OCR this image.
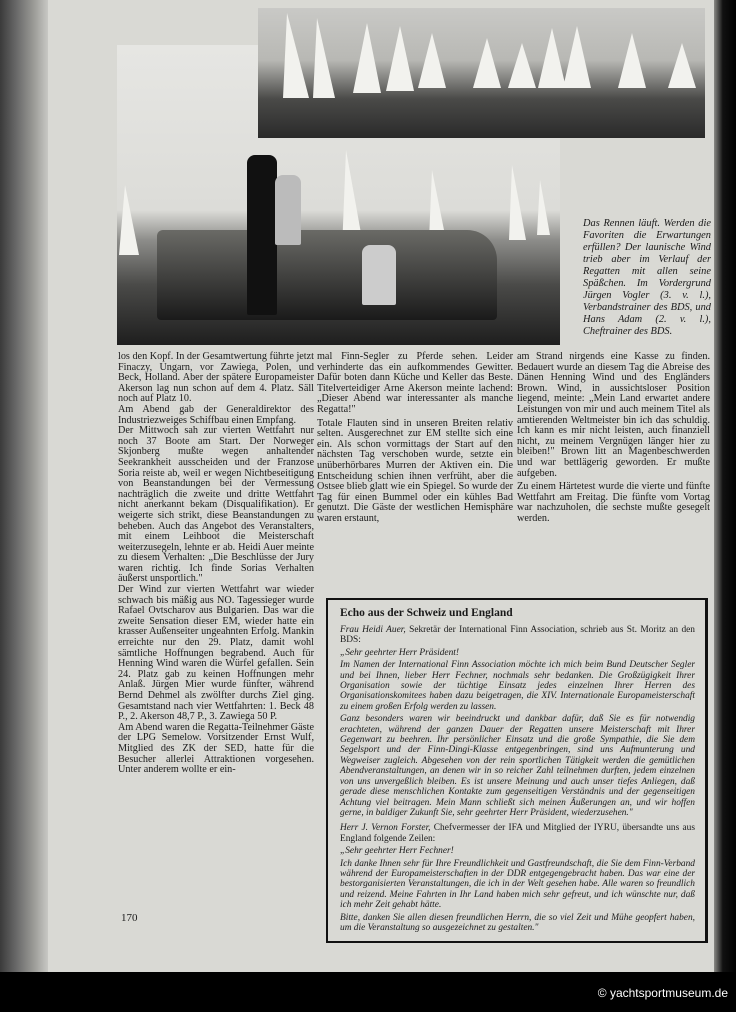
Das Rennen läuft. Werden die Favoriten die Erwartungen erfüllen? Der launische Wind trieb aber im Verlauf der Regatten mit allen seine Späßchen. Im Vordergrund Jürgen Vogler (3. v. l.), Verbandstrainer des BDS, und Hans Adam (2. v. l.), Cheftrainer des BDS.

los den Kopf. In der Gesamtwertung führte jetzt Finaczy, Ungarn, vor Zawiega, Polen, und Beck, Holland. Aber der spätere Europameister Akerson lag nun schon auf dem 4. Platz. Säll noch auf Platz 10.

Am Abend gab der Generaldirektor des Industriezweiges Schiffbau einen Empfang.

Der Mittwoch sah zur vierten Wettfahrt nur noch 37 Boote am Start. Der Norweger Skjonberg mußte wegen anhaltender Seekrankheit ausscheiden und der Franzose Soria reiste ab, weil er wegen Nichtbeseitigung von Beanstandungen bei der Vermessung nachträglich die zweite und dritte Wettfahrt nicht anerkannt bekam (Disqualifikation). Er weigerte sich strikt, diese Beanstandungen zu beheben. Auch das Angebot des Veranstalters, mit einem Leihboot die Meisterschaft weiterzusegeln, lehnte er ab. Heidi Auer meinte zu diesem Verhalten: „Die Beschlüsse der Jury waren richtig. Ich finde Sorias Verhalten äußerst unsportlich."

Der Wind zur vierten Wettfahrt war wieder schwach bis mäßig aus NO. Tagessieger wurde Rafael Ovtscharov aus Bulgarien. Das war die zweite Sensation dieser EM, wieder hatte ein krasser Außenseiter ungeahnten Erfolg. Mankin erreichte nur den 29. Platz, damit wohl sämtliche Hoffnungen begrabend. Auch für Henning Wind waren die Würfel gefallen. Sein 24. Platz gab zu keinen Hoffnungen mehr Anlaß. Jürgen Mier wurde fünfter, während Bernd Dehmel als zwölfter durchs Ziel ging. Gesamtstand nach vier Wettfahrten: 1. Beck 48 P., 2. Akerson 48,7 P., 3. Zawiega 50 P.

Am Abend waren die Regatta-Teilnehmer Gäste der LPG Semelow. Vorsitzender Ernst Wulf, Mitglied des ZK der SED, hatte für die Besucher allerlei Attraktionen vorgesehen. Unter anderem wollte er ein-

mal Finn-Segler zu Pferde sehen. Leider verhinderte das ein aufkommendes Gewitter. Dafür boten dann Küche und Keller das Beste. Titelverteidiger Arne Akerson meinte lachend: „Dieser Abend war interessanter als manche Regatta!"

Totale Flauten sind in unseren Breiten relativ selten. Ausgerechnet zur EM stellte sich eine ein. Als schon vormittags der Start auf den nächsten Tag verschoben wurde, setzte ein unüberhörbares Murren der Aktiven ein. Die Entscheidung schien ihnen verfrüht, aber die Ostsee blieb glatt wie ein Spiegel. So wurde der Tag für einen Bummel oder ein kühles Bad genutzt. Die Gäste der westlichen Hemisphäre waren erstaunt,

am Strand nirgends eine Kasse zu finden. Bedauert wurde an diesem Tag die Abreise des Dänen Henning Wind und des Engländers Brown. Wind, in aussichtsloser Position liegend, meinte: „Mein Land erwartet andere Leistungen von mir und auch meinem Titel als amtierenden Weltmeister bin ich das schuldig. Ich kann es mir nicht leisten, auch finanziell nicht, zu meinem Vergnügen länger hier zu bleiben!" Brown litt an Magenbeschwerden und war bettlägerig geworden. Er mußte aufgeben.

Zu einem Härtetest wurde die vierte und fünfte Wettfahrt am Freitag. Die fünfte vom Vortag war nachzuholen, die sechste mußte gesegelt werden.

Echo aus der Schweiz und England

Frau Heidi Auer, Sekretär der International Finn Association, schrieb aus St. Moritz an den BDS:

„Sehr geehrter Herr Präsident!

Im Namen der International Finn Association möchte ich mich beim Bund Deutscher Segler und bei Ihnen, lieber Herr Fechner, nochmals sehr bedanken. Die Großzügigkeit Ihrer Organisation sowie der tüchtige Einsatz jedes einzelnen Ihrer Herren des Organisationskomitees haben dazu beigetragen, die XIV. Internationale Europameisterschaft zu einem großen Erfolg werden zu lassen.

Ganz besonders waren wir beeindruckt und dankbar dafür, daß Sie es für notwendig erachteten, während der ganzen Dauer der Regatten unsere Meisterschaft mit Ihrer Gegenwart zu beehren. Ihr persönlicher Einsatz und die große Sympathie, die Sie dem Segelsport und der Finn-Dingi-Klasse entgegenbringen, sind uns Aufmunterung und Wegweiser zugleich. Abgesehen von der rein sportlichen Tätigkeit werden die gemütlichen Abendveranstaltungen, an denen wir in so reicher Zahl teilnehmen durften, jedem einzelnen von uns unvergeßlich bleiben. Es ist unsere Meinung und auch unser tiefes Anliegen, daß gerade diese menschlichen Kontakte zum gegenseitigen Verständnis und der gegenseitigen Achtung viel beitragen. Mein Mann schließt sich meinen Äußerungen an, und wir hoffen gerne, in baldiger Zukunft Sie, sehr geehrter Herr Präsident, wiederzusehen."

Herr J. Vernon Forster, Chefvermesser der IFA und Mitglied der IYRU, übersandte uns aus England folgende Zeilen:

„Sehr geehrter Herr Fechner!

Ich danke Ihnen sehr für Ihre Freundlichkeit und Gastfreundschaft, die Sie dem Finn-Verband während der Europameisterschaften in der DDR entgegengebracht haben. Das war eine der bestorganisierten Veranstaltungen, die ich in der Welt gesehen habe. Alle waren so freundlich und reizend. Meine Fahrten in Ihr Land haben mich sehr gefreut, und ich wünschte nur, daß ich mehr Zeit gehabt hätte.

Bitte, danken Sie allen diesen freundlichen Herrn, die so viel Zeit und Mühe geopfert haben, um die Veranstaltung so ausgezeichnet zu gestalten."

170
© yachtsportmuseum.de
